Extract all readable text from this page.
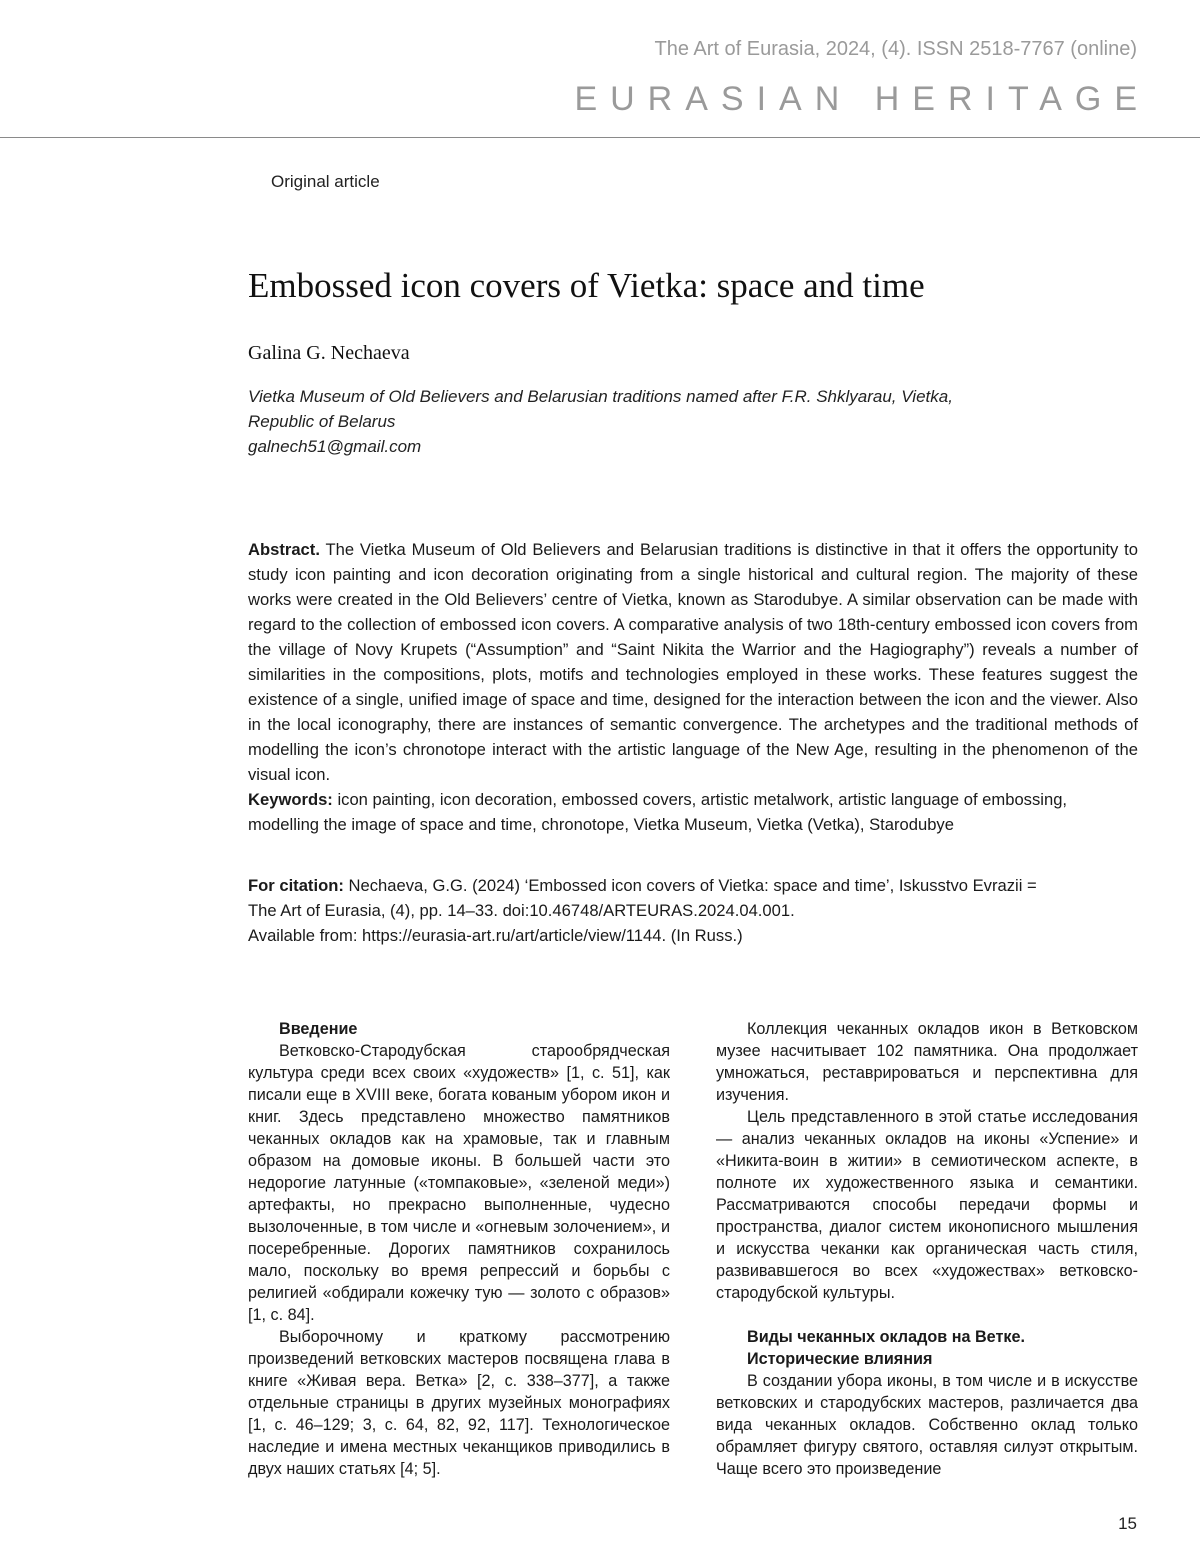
The Art of Eurasia, 2024, (4). ISSN 2518-7767 (online)
EURASIAN HERITAGE
Original article
Embossed icon covers of Vietka: space and time
Galina G. Nechaeva
Vietka Museum of Old Believers and Belarusian traditions named after F.R. Shklyarau, Vietka,
Republic of Belarus
galnech51@gmail.com

Abstract. The Vietka Museum of Old Believers and Belarusian traditions is distinctive in that it offers the opportunity to study icon painting and icon decoration originating from a single historical and cultural region. The majority of these works were created in the Old Believers’ centre of Vietka, known as Starodubye. A similar observation can be made with regard to the collection of embossed icon covers. A comparative analysis of two 18th-century embossed icon covers from the village of Novy Krupets (“Assumption” and “Saint Nikita the Warrior and the Hagiography”) reveals a number of similarities in the compositions, plots, motifs and technologies employed in these works. These features suggest the existence of a single, unified image of space and time, designed for the interaction between the icon and the viewer. Also in the local iconography, there are instances of semantic convergence. The archetypes and the traditional methods of modelling the icon’s chronotope interact with the artistic language of the New Age, resulting in the phenomenon of the visual icon.

Keywords: icon painting, icon decoration, embossed covers, artistic metalwork, artistic language of embossing, modelling the image of space and time, chronotope, Vietka Museum, Vietka (Vetka), Starodubye

For citation: Nechaeva, G.G. (2024) ‘Embossed icon covers of Vietka: space and time’, Iskusstvo Evrazii =
The Art of Eurasia, (4), pp. 14–33. doi:10.46748/ARTEURAS.2024.04.001.
Available from: https://eurasia-art.ru/art/article/view/1144. (In Russ.)
Введение

Ветковско-Стародубская старообрядческая культура среди всех своих «художеств» [1, с. 51], как писали еще в XVIII веке, богата кованым убором икон и книг. Здесь представлено множество памятников чеканных окладов как на храмовые, так и главным образом на домовые иконы. В большей части это недорогие латунные («томпаковые», «зеленой меди») артефакты, но прекрасно выполненные, чудесно вызолоченные, в том числе и «огневым золочением», и посеребренные. Дорогих памятников сохранилось мало, поскольку во время репрессий и борьбы с религией «обдирали кожечку тую — золото с образов» [1, с. 84].

Выборочному и краткому рассмотрению произведений ветковских мастеров посвящена глава в книге «Живая вера. Ветка» [2, с. 338–377], а также отдельные страницы в других музейных монографиях [1, с. 46–129; 3, с. 64, 82, 92, 117]. Технологическое наследие и имена местных чеканщиков приводились в двух наших статьях [4; 5].

Коллекция чеканных окладов икон в Ветковском музее насчитывает 102 памятника. Она продолжает умножаться, реставрироваться и перспективна для изучения.

Цель представленного в этой статье исследования — анализ чеканных окладов на иконы «Успение» и «Никита-воин в житии» в семиотическом аспекте, в полноте их художественного языка и семантики. Рассматриваются способы передачи формы и пространства, диалог систем иконописного мышления и искусства чеканки как органическая часть стиля, развивавшегося во всех «художествах» ветковско-стародубской культуры.

Виды чеканных окладов на Ветке.
Исторические влияния

В создании убора иконы, в том числе и в искусстве ветковских и стародубских мастеров, различается два вида чеканных окладов. Собственно оклад только обрамляет фигуру святого, оставляя силуэт открытым. Чаще всего это произведение

15
